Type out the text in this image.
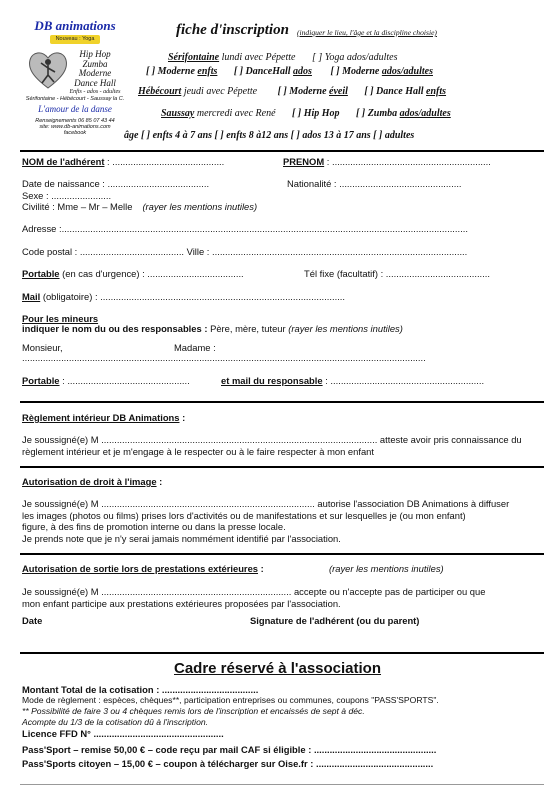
DB animations
Nouveau : Yoga
Hip Hop
Zumba
Moderne
Dance Hall
Enfts - ados - adultes
Sérifontaine - Hébécourt - Saussay la C.
L'amour de la danse
Renseignements 06 85 07 43 44
site: www.db-animations.com
facebook
fiche d'inscription (indiquer le lieu, l'âge et la discipline choisie)
Sérifontaine lundi avec Pépette [ ] Yoga ados/adultes
[ ] Moderne enfts [ ] DanceHall ados [ ] Moderne ados/adultes
Hébécourt jeudi avec Pépette [ ] Moderne éveil [ ] Dance Hall enfts
Saussay mercredi avec René [ ] Hip Hop [ ] Zumba ados/adultes
âge [ ] enfts 4 à 7 ans [ ] enfts 8 à12 ans [ ] ados 13 à 17 ans [ ] adultes
NOM de l'adhérent : ...........................................	PRENOM : .............................................................
Date de naissance : .......................................	Nationalité : ...............................................
Sexe : .......................
Civilité : Mme – Mr – Melle (rayer les mentions inutiles)
Adresse :............................................................................................................................................................
Code postal : ........................................ Ville : ..................................................................................................
Portable (en cas d'urgence) : .....................................	Tél fixe (facultatif) : ........................................
Mail (obligatoire) : ..............................................................................................
Pour les mineurs
indiquer le nom du ou des responsables : Père, mère, tuteur (rayer les mentions inutiles)
Monsieur,	Madame :
...........................................................................................................................................................
Portable : ...............................................	et mail du responsable : ...........................................................
Règlement intérieur DB Animations :
Je soussigné(e) M .......................................................................................................... atteste avoir pris connaissance du
règlement intérieur et je m'engage à le respecter ou à le faire respecter à mon enfant
Autorisation de droit à l'image :
Je soussigné(e) M .................................................................................. autorise l'association DB Animations à diffuser
les images (photos ou films) prises lors d'activités ou de manifestations et sur lesquelles je (ou mon enfant)
figure, à des fins de promotion interne ou dans la presse locale.
Je prends note que je n'y serai jamais nommément identifié par l'association.
Autorisation de sortie lors de prestations extérieures :	(rayer les mentions inutiles)
Je soussigné(e) M ......................................................................... accepte ou n'accepte pas de participer ou que
mon enfant participe aux prestations extérieures proposées par l'association.
Date	Signature de l'adhérent (ou du parent)
Cadre réservé à l'association
Montant Total de la cotisation : .....................................
Mode de règlement : espèces, chèques**, participation entreprises ou communes, coupons "PASS'SPORTS".
** Possibilité de faire 3 ou 4 chèques remis lors de l'inscription et encaissés de sept à déc.
Acompte du 1/3 de la cotisation dû à l'inscription.
Licence FFD N° ..................................................
Pass'Sport – remise 50,00 € – code reçu par mail CAF si éligible : ...............................................
Pass'Sports citoyen – 15,00 € – coupon à télécharger sur Oise.fr : .............................................
